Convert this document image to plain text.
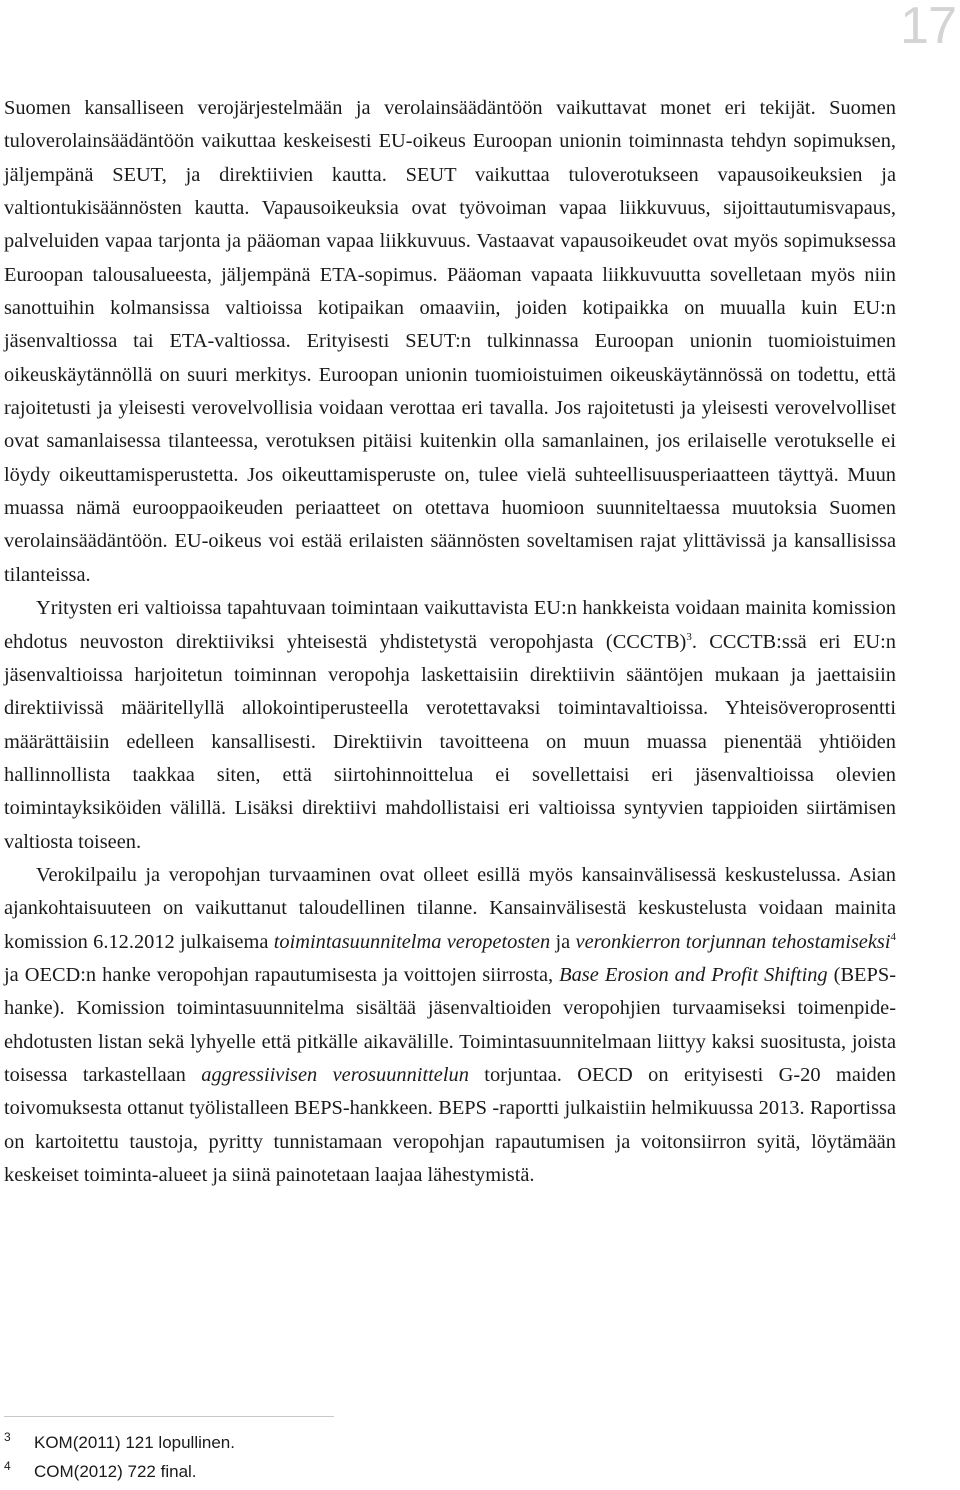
17

Suomen kansalliseen verojärjestelmään ja verolainsäädäntöön vaikuttavat monet eri tekijät. Suomen tuloverolainsäädäntöön vaikuttaa keskeisesti EU-oikeus Euroopan unionin toiminnasta tehdyn sopimuksen, jäljempänä SEUT, ja direktiivien kautta. SEUT vaikuttaa tuloverotukseen vapausoikeuksien ja valtiontukisäännösten kautta. Vapausoikeuksia ovat työvoiman vapaa liikkuvuus, sijoittautumisvapaus, palveluiden vapaa tarjonta ja pääoman vapaa liikkuvuus. Vastaavat vapausoikeudet ovat myös sopimuksessa Euroopan talousalueesta, jäljempänä ETA-sopimus. Pääoman vapaata liikkuvuutta sovelletaan myös niin sanottuihin kolmansissa valtioissa kotipaikan omaaviin, joiden kotipaikka on muualla kuin EU:n jäsenvaltiossa tai ETA-valtiossa. Erityisesti SEUT:n tulkinnassa Euroopan unionin tuomioistuimen oikeuskäytännöllä on suuri merkitys. Euroopan unionin tuomioistuimen oikeuskäytännössä on todettu, että rajoitetusti ja yleisesti verovelvollisia voidaan verottaa eri tavalla. Jos rajoitetusti ja yleisesti verovelvolliset ovat samanlaisessa tilanteessa, verotuksen pitäisi kuitenkin olla samanlainen, jos erilaiselle verotukselle ei löydy oikeuttamisperustetta. Jos oikeuttamisperuste on, tulee vielä suhteellisuusperiaatteen täyttyä. Muun muassa nämä eurooppaoikeuden periaatteet on otettava huomioon suunniteltaessa muutoksia Suomen verolainsäädäntöön. EU-oikeus voi estää erilaisten säännösten soveltamisen rajat ylittävissä ja kansallisissa tilanteissa.

Yritysten eri valtioissa tapahtuvaan toimintaan vaikuttavista EU:n hankkeista voidaan mainita komission ehdotus neuvoston direktiiviksi yhteisestä yhdistetystä veropohjasta (CCCTB)$^3$. CCCTB:ssä eri EU:n jäsenvaltioissa harjoitetun toiminnan veropohja laskettaisiin direktiivin sääntöjen mukaan ja jaettaisiin direktiivissä määritellyllä allokointiperusteella verotettavaksi toimintavaltioissa. Yhteisöveroprosentti määrättäisiin edelleen kansallisesti. Direktiivin tavoitteena on muun muassa pienentää yhtiöiden hallinnollista taakkaa siten, että siirtohinnoittelua ei sovellettaisi eri jäsenvaltioissa olevien toimintayksiköiden välillä. Lisäksi direktiivi mahdollistaisi eri valtioissa syntyvien tappioiden siirtämisen valtiosta toiseen.

Verokilpailu ja veropohjan turvaaminen ovat olleet esillä myös kansainvälisessä keskustelussa. Asian ajankohtaisuuteen on vaikuttanut taloudellinen tilanne. Kansainvälisestä keskustelusta voidaan mainita komission 6.12.2012 julkaisema toimintasuunnitelma veropetosten ja veronkierron torjunnan tehostamiseksi$^4$ ja OECD:n hanke veropohjan rapautumisesta ja voittojen siirrosta, Base Erosion and Profit Shifting (BEPS-hanke). Komission toimintasuunnitelma sisältää jäsenvaltioiden veropohjien turvaamiseksi toimenpide-ehdotusten listan sekä lyhyelle että pitkälle aikavälille. Toimintasuunnitelmaan liittyy kaksi suositusta, joista toisessa tarkastellaan aggressiivisen verosuunnittelun torjuntaa. OECD on erityisesti G-20 maiden toivomuksesta ottanut työlistalleen BEPS-hankkeen. BEPS -raportti julkaistiin helmikuussa 2013. Raportissa on kartoitettu taustoja, pyritty tunnistamaan veropohjan rapautumisen ja voitonsiirron syitä, löytämään keskeiset toiminta-alueet ja siinä painotetaan laajaa lähestymistä.

3 KOM(2011) 121 lopullinen.
4 COM(2012) 722 final.
